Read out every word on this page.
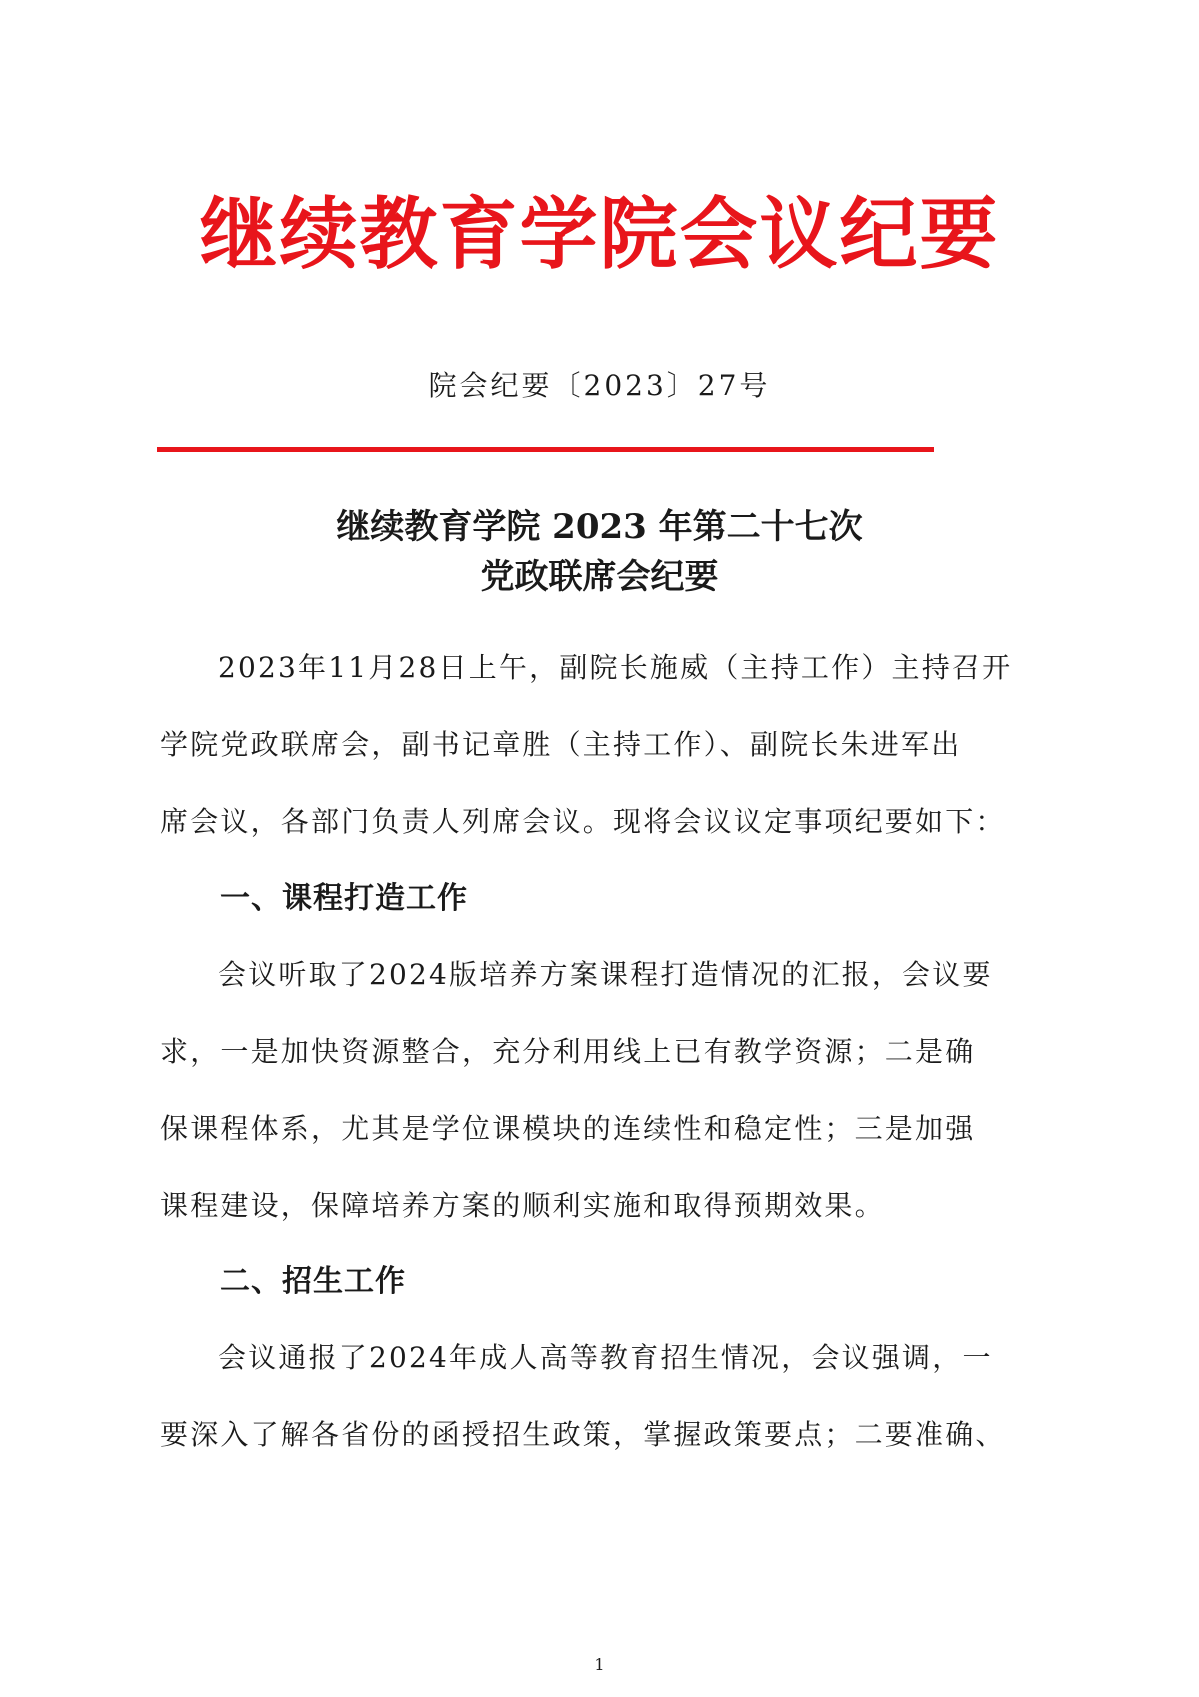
继续教育学院会议纪要
院会纪要〔2023〕27号
继续教育学院 2023 年第二十七次
党政联席会纪要
2023年11月28日上午，副院长施威（主持工作）主持召开
学院党政联席会，副书记章胜（主持工作）、副院长朱进军出
席会议，各部门负责人列席会议。现将会议议定事项纪要如下：
一、课程打造工作
会议听取了2024版培养方案课程打造情况的汇报，会议要
求，一是加快资源整合，充分利用线上已有教学资源；二是确
保课程体系，尤其是学位课模块的连续性和稳定性；三是加强
课程建设，保障培养方案的顺利实施和取得预期效果。
二、招生工作
会议通报了2024年成人高等教育招生情况，会议强调，一
要深入了解各省份的函授招生政策，掌握政策要点；二要准确、
1
